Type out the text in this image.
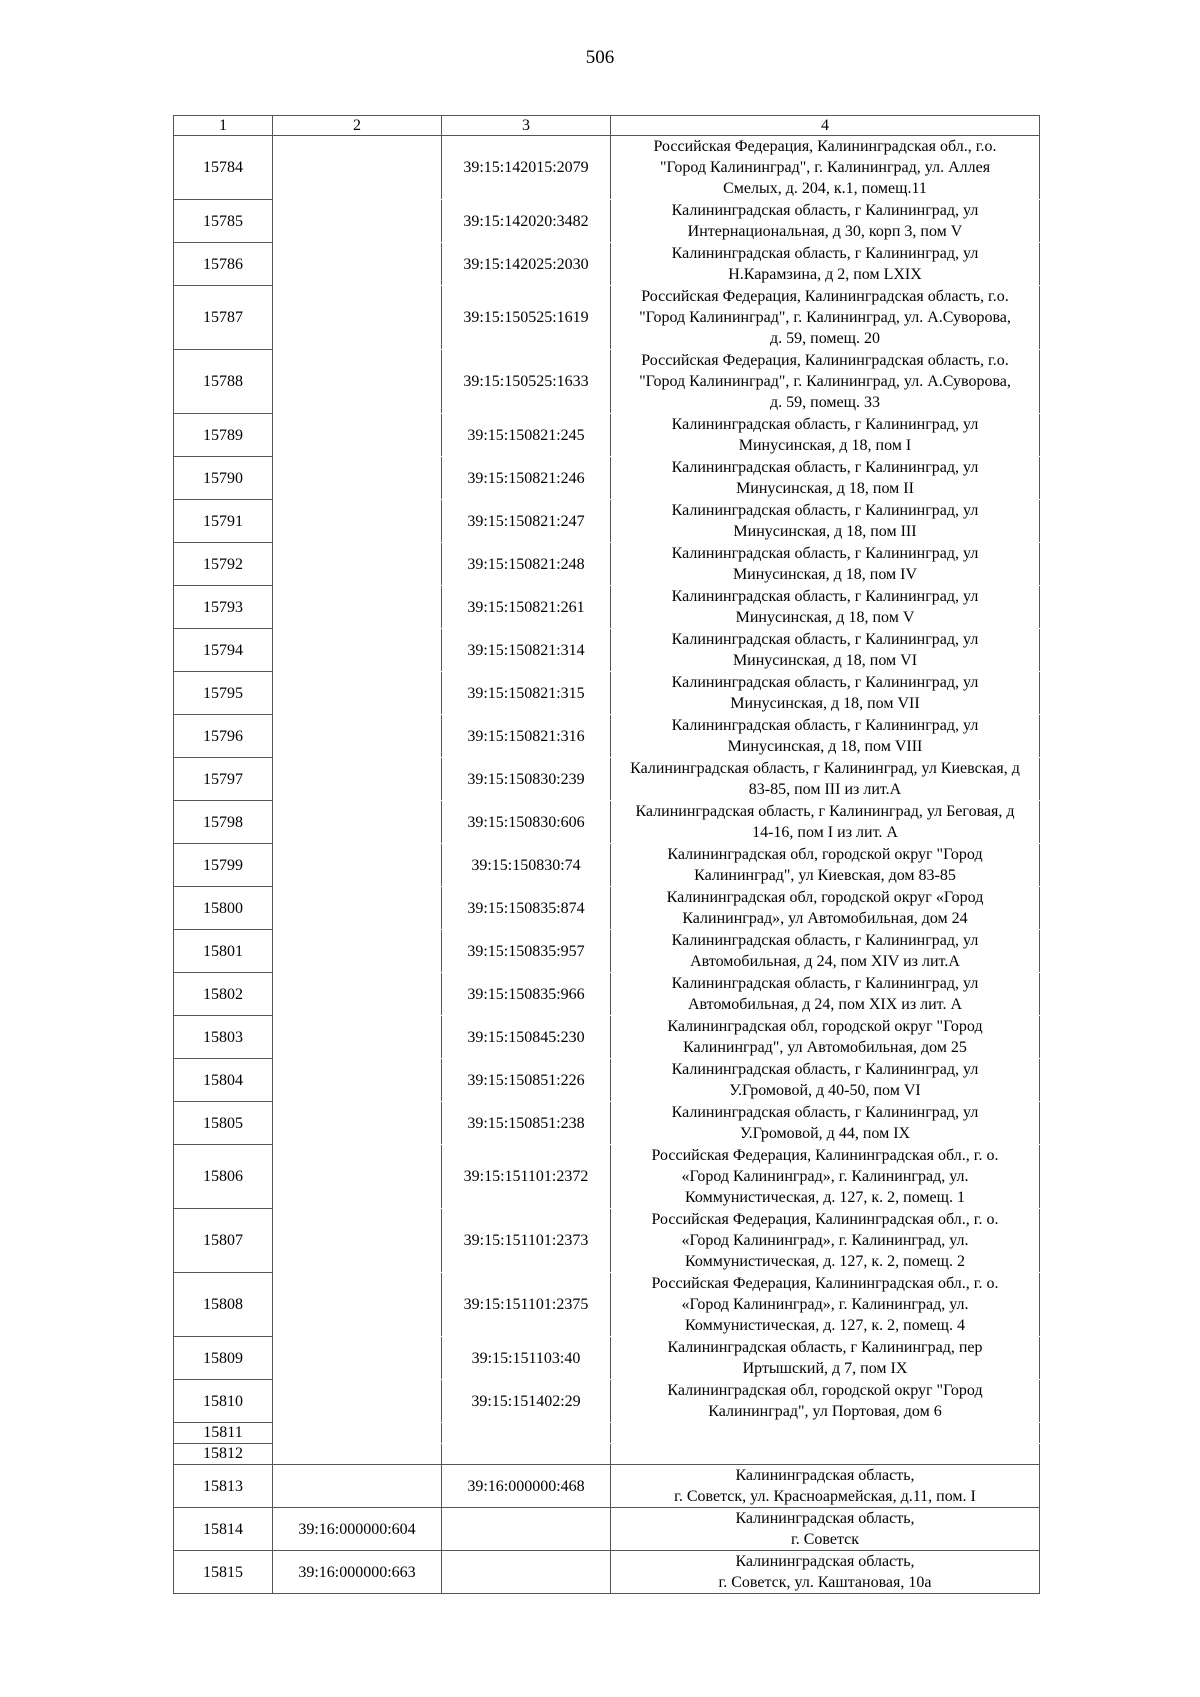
506
1	2	3	4
15784		39:15:142015:2079	Российская Федерация, Калининградская обл., г.о.
"Город Калининград", г. Калининград, ул. Аллея
Смелых, д. 204, к.1, помещ.11
15785		39:15:142020:3482	Калининградская область, г Калининград, ул
Интернациональная, д 30, корп 3, пом V
15786		39:15:142025:2030	Калининградская область, г Калининград, ул
Н.Карамзина, д 2, пом LXIX
15787		39:15:150525:1619	Российская Федерация, Калининградская область, г.о.
"Город Калининград", г. Калининград, ул. А.Суворова,
д. 59, помещ. 20
15788		39:15:150525:1633	Российская Федерация, Калининградская область, г.о.
"Город Калининград", г. Калининград, ул. А.Суворова,
д. 59, помещ. 33
15789		39:15:150821:245	Калининградская область, г Калининград, ул
Минусинская, д 18, пом I
15790		39:15:150821:246	Калининградская область, г Калининград, ул
Минусинская, д 18, пом II
15791		39:15:150821:247	Калининградская область, г Калининград, ул
Минусинская, д 18, пом III
15792		39:15:150821:248	Калининградская область, г Калининград, ул
Минусинская, д 18, пом IV
15793		39:15:150821:261	Калининградская область, г Калининград, ул
Минусинская, д 18, пом V
15794		39:15:150821:314	Калининградская область, г Калининград, ул
Минусинская, д 18, пом VI
15795		39:15:150821:315	Калининградская область, г Калининград, ул
Минусинская, д 18, пом VII
15796		39:15:150821:316	Калининградская область, г Калининград, ул
Минусинская, д 18, пом VIII
15797		39:15:150830:239	Калининградская область, г Калининград, ул Киевская, д
83-85, пом III из лит.А
15798		39:15:150830:606	Калининградская область, г Калининград, ул Беговая, д
14-16, пом I из лит. А
15799		39:15:150830:74	Калининградская обл, городской округ "Город
Калининград", ул Киевская, дом 83-85
15800		39:15:150835:874	Калининградская обл, городской округ «Город
Калининград», ул Автомобильная, дом 24
15801		39:15:150835:957	Калининградская область, г Калининград, ул
Автомобильная, д 24, пом XIV из лит.А
15802		39:15:150835:966	Калининградская область, г Калининград, ул
Автомобильная, д 24, пом XIX из лит. А
15803		39:15:150845:230	Калининградская обл, городской округ "Город
Калининград", ул Автомобильная, дом 25
15804		39:15:150851:226	Калининградская область, г Калининград, ул
У.Громовой, д 40-50, пом VI
15805		39:15:150851:238	Калининградская область, г Калининград, ул
У.Громовой, д 44, пом IX
15806		39:15:151101:2372	Российская Федерация, Калининградская обл., г. о.
«Город Калининград», г. Калининград, ул.
Коммунистическая, д. 127, к. 2, помещ. 1
15807		39:15:151101:2373	Российская Федерация, Калининградская обл., г. о.
«Город Калининград», г. Калининград, ул.
Коммунистическая, д. 127, к. 2, помещ. 2
15808		39:15:151101:2375	Российская Федерация, Калининградская обл., г. о.
«Город Калининград», г. Калининград, ул.
Коммунистическая, д. 127, к. 2, помещ. 4
15809		39:15:151103:40	Калининградская область, г Калининград, пер
Иртышский, д 7, пом IX
15810		39:15:151402:29	Калининградская обл, городской округ "Город
Калининград", ул Портовая, дом 6
15811			
15812			
15813		39:16:000000:468	Калининградская область,
г. Советск, ул. Красноармейская, д.11, пом. I
15814	39:16:000000:604		Калининградская область,
г. Советск
15815	39:16:000000:663		Калининградская область,
г. Советск, ул. Каштановая, 10а
